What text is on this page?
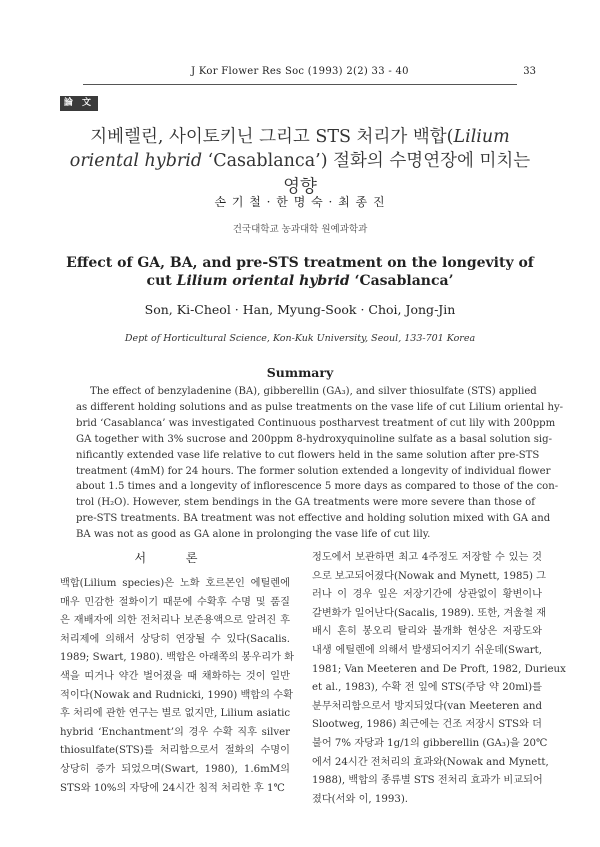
J Kor Flower Res Soc (1993) 2(2) 33 - 40	33
論 文
지베렐린, 사이토키닌 그리고 STS 처리가 백합(Lilium
oriental hybrid ‘Casablanca’) 절화의 수명연장에 미치는 영향
손 기 철 · 한 명 숙 · 최 종 진
건국대학교 농과대학 원예과학과
Effect of GA, BA, and pre-STS treatment on the longevity of
cut Lilium oriental hybrid ‘Casablanca’
Son, Ki-Cheol · Han, Myung-Sook · Choi, Jong-Jin
Dept of Horticultural Science, Kon-Kuk University, Seoul, 133-701 Korea
Summary
The effect of benzyladenine (BA), gibberellin (GA₃), and silver thiosulfate (STS) applied
as different holding solutions and as pulse treatments on the vase life of cut Lilium oriental hy-
brid ‘Casablanca’ was investigated Continuous postharvest treatment of cut lily with 200ppm
GA together with 3% sucrose and 200ppm 8-hydroxyquinoline sulfate as a basal solution sig-
nificantly extended vase life relative to cut flowers held in the same solution after pre-STS
treatment (4mM) for 24 hours. The former solution extended a longevity of individual flower
about 1.5 times and a longevity of inflorescence 5 more days as compared to those of the con-
trol (H₂O). However, stem bendings in the GA treatments were more severe than those of
pre-STS treatments. BA treatment was not effective and holding solution mixed with GA and
BA was not as good as GA alone in prolonging the vase life of cut lily.
서 론
백합(Lilium species)은 노화 호르몬인 에틸렌에
매우 민감한 절화이기 때문에 수확후 수명 및 품질
은 재배자에 의한 전처리나 보존용액으로 알려진 후
처리제에 의해서 상당히 연장될 수 있다(Sacalis.
1989; Swart, 1980). 백합은 아래쪽의 봉우리가 화
색을 띠거나 약간 벌어졌을 때 채화하는 것이 일반
적이다(Nowak and Rudnicki, 1990) 백합의 수확
후 처리에 관한 연구는 별로 없지만, Lilium asiatic
hybrid ‘Enchantment’의 경우 수확 직후 silver
thiosulfate(STS)를 처리함으로서 절화의 수명이
상당히 증가 되었으며(Swart, 1980), 1.6mM의
STS와 10%의 자당에 24시간 침적 처리한 후 1℃
정도에서 보관하면 최고 4주정도 저장할 수 있는 것
으로 보고되어졌다(Nowak and Mynett, 1985) 그
러나 이 경우 잎은 저장기간에 상관없이 황변이나
갈변화가 일어난다(Sacalis, 1989). 또한, 겨울철 재
배시 흔히 봉오리 탈리와 불개화 현상은 저광도와
내생 에틸렌에 의해서 발생되어지기 쉬운데(Swart,
1981; Van Meeteren and De Proft, 1982, Durieux
et al., 1983), 수확 전 잎에 STS(주당 약 20ml)를
분무처리함으로서 방지되었다(van Meeteren and
Slootweg, 1986) 최근에는 건조 저장시 STS와 더
불어 7% 자당과 1g/1의 gibberellin (GA₃)을 20℃
에서 24시간 전처리의 효과와(Nowak and Mynett,
1988), 백합의 종류별 STS 전처리 효과가 비교되어
졌다(서와 이, 1993).
